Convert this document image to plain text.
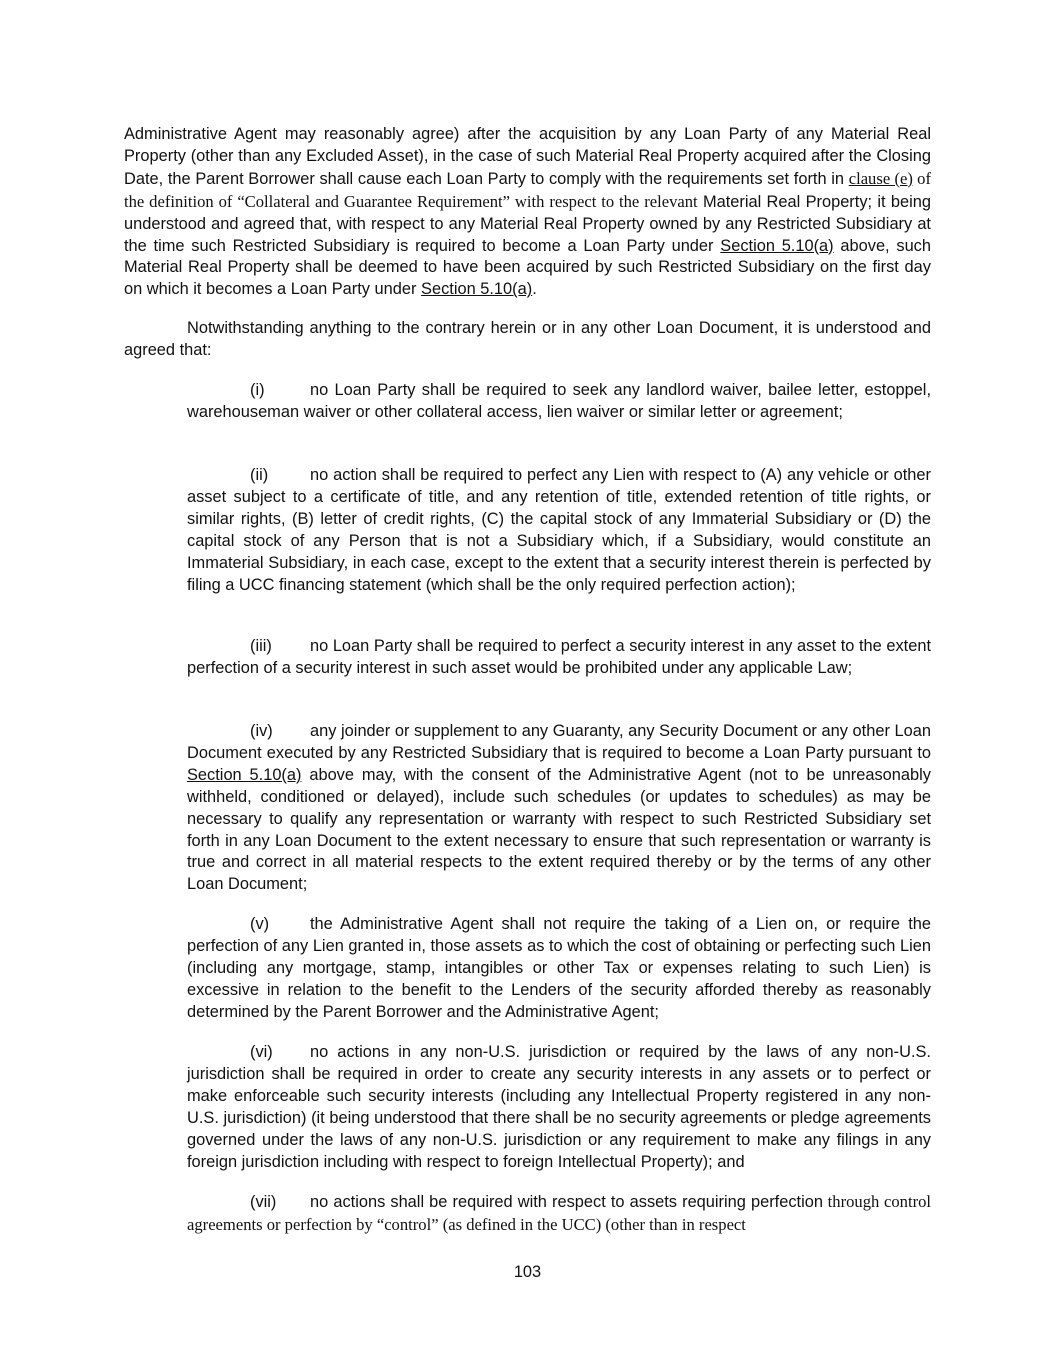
Administrative Agent may reasonably agree) after the acquisition by any Loan Party of any Material Real Property (other than any Excluded Asset), in the case of such Material Real Property acquired after the Closing Date, the Parent Borrower shall cause each Loan Party to comply with the requirements set forth in clause (e) of the definition of “Collateral and Guarantee Requirement” with respect to the relevant Material Real Property; it being understood and agreed that, with respect to any Material Real Property owned by any Restricted Subsidiary at the time such Restricted Subsidiary is required to become a Loan Party under Section 5.10(a) above, such Material Real Property shall be deemed to have been acquired by such Restricted Subsidiary on the first day on which it becomes a Loan Party under Section 5.10(a).

Notwithstanding anything to the contrary herein or in any other Loan Document, it is understood and agreed that:

(i)	no Loan Party shall be required to seek any landlord waiver, bailee letter, estoppel, warehouseman waiver or other collateral access, lien waiver or similar letter or agreement;

(ii)	no action shall be required to perfect any Lien with respect to (A) any vehicle or other asset subject to a certificate of title, and any retention of title, extended retention of title rights, or similar rights, (B) letter of credit rights, (C) the capital stock of any Immaterial Subsidiary or (D) the capital stock of any Person that is not a Subsidiary which, if a Subsidiary, would constitute an Immaterial Subsidiary, in each case, except to the extent that a security interest therein is perfected by filing a UCC financing statement (which shall be the only required perfection action);

(iii) no Loan Party shall be required to perfect a security interest in any asset to the extent perfection of a security interest in such asset would be prohibited under any applicable Law;

(iv) any joinder or supplement to any Guaranty, any Security Document or any other Loan Document executed by any Restricted Subsidiary that is required to become a Loan Party pursuant to Section 5.10(a) above may, with the consent of the Administrative Agent (not to be unreasonably withheld, conditioned or delayed), include such schedules (or updates to schedules) as may be necessary to qualify any representation or warranty with respect to such Restricted Subsidiary set forth in any Loan Document to the extent necessary to ensure that such representation or warranty is true and correct in all material respects to the extent required thereby or by the terms of any other Loan Document;

(v) the Administrative Agent shall not require the taking of a Lien on, or require the perfection of any Lien granted in, those assets as to which the cost of obtaining or perfecting such Lien (including any mortgage, stamp, intangibles or other Tax or expenses relating to such Lien) is excessive in relation to the benefit to the Lenders of the security afforded thereby as reasonably determined by the Parent Borrower and the Administrative Agent;

(vi) no actions in any non-U.S. jurisdiction or required by the laws of any non-U.S. jurisdiction shall be required in order to create any security interests in any assets or to perfect or make enforceable such security interests (including any Intellectual Property registered in any non-U.S. jurisdiction) (it being understood that there shall be no security agreements or pledge agreements governed under the laws of any non-U.S. jurisdiction or any requirement to make any filings in any foreign jurisdiction including with respect to foreign Intellectual Property); and

(vii) no actions shall be required with respect to assets requiring perfection through control agreements or perfection by “control” (as defined in the UCC) (other than in respect

103
